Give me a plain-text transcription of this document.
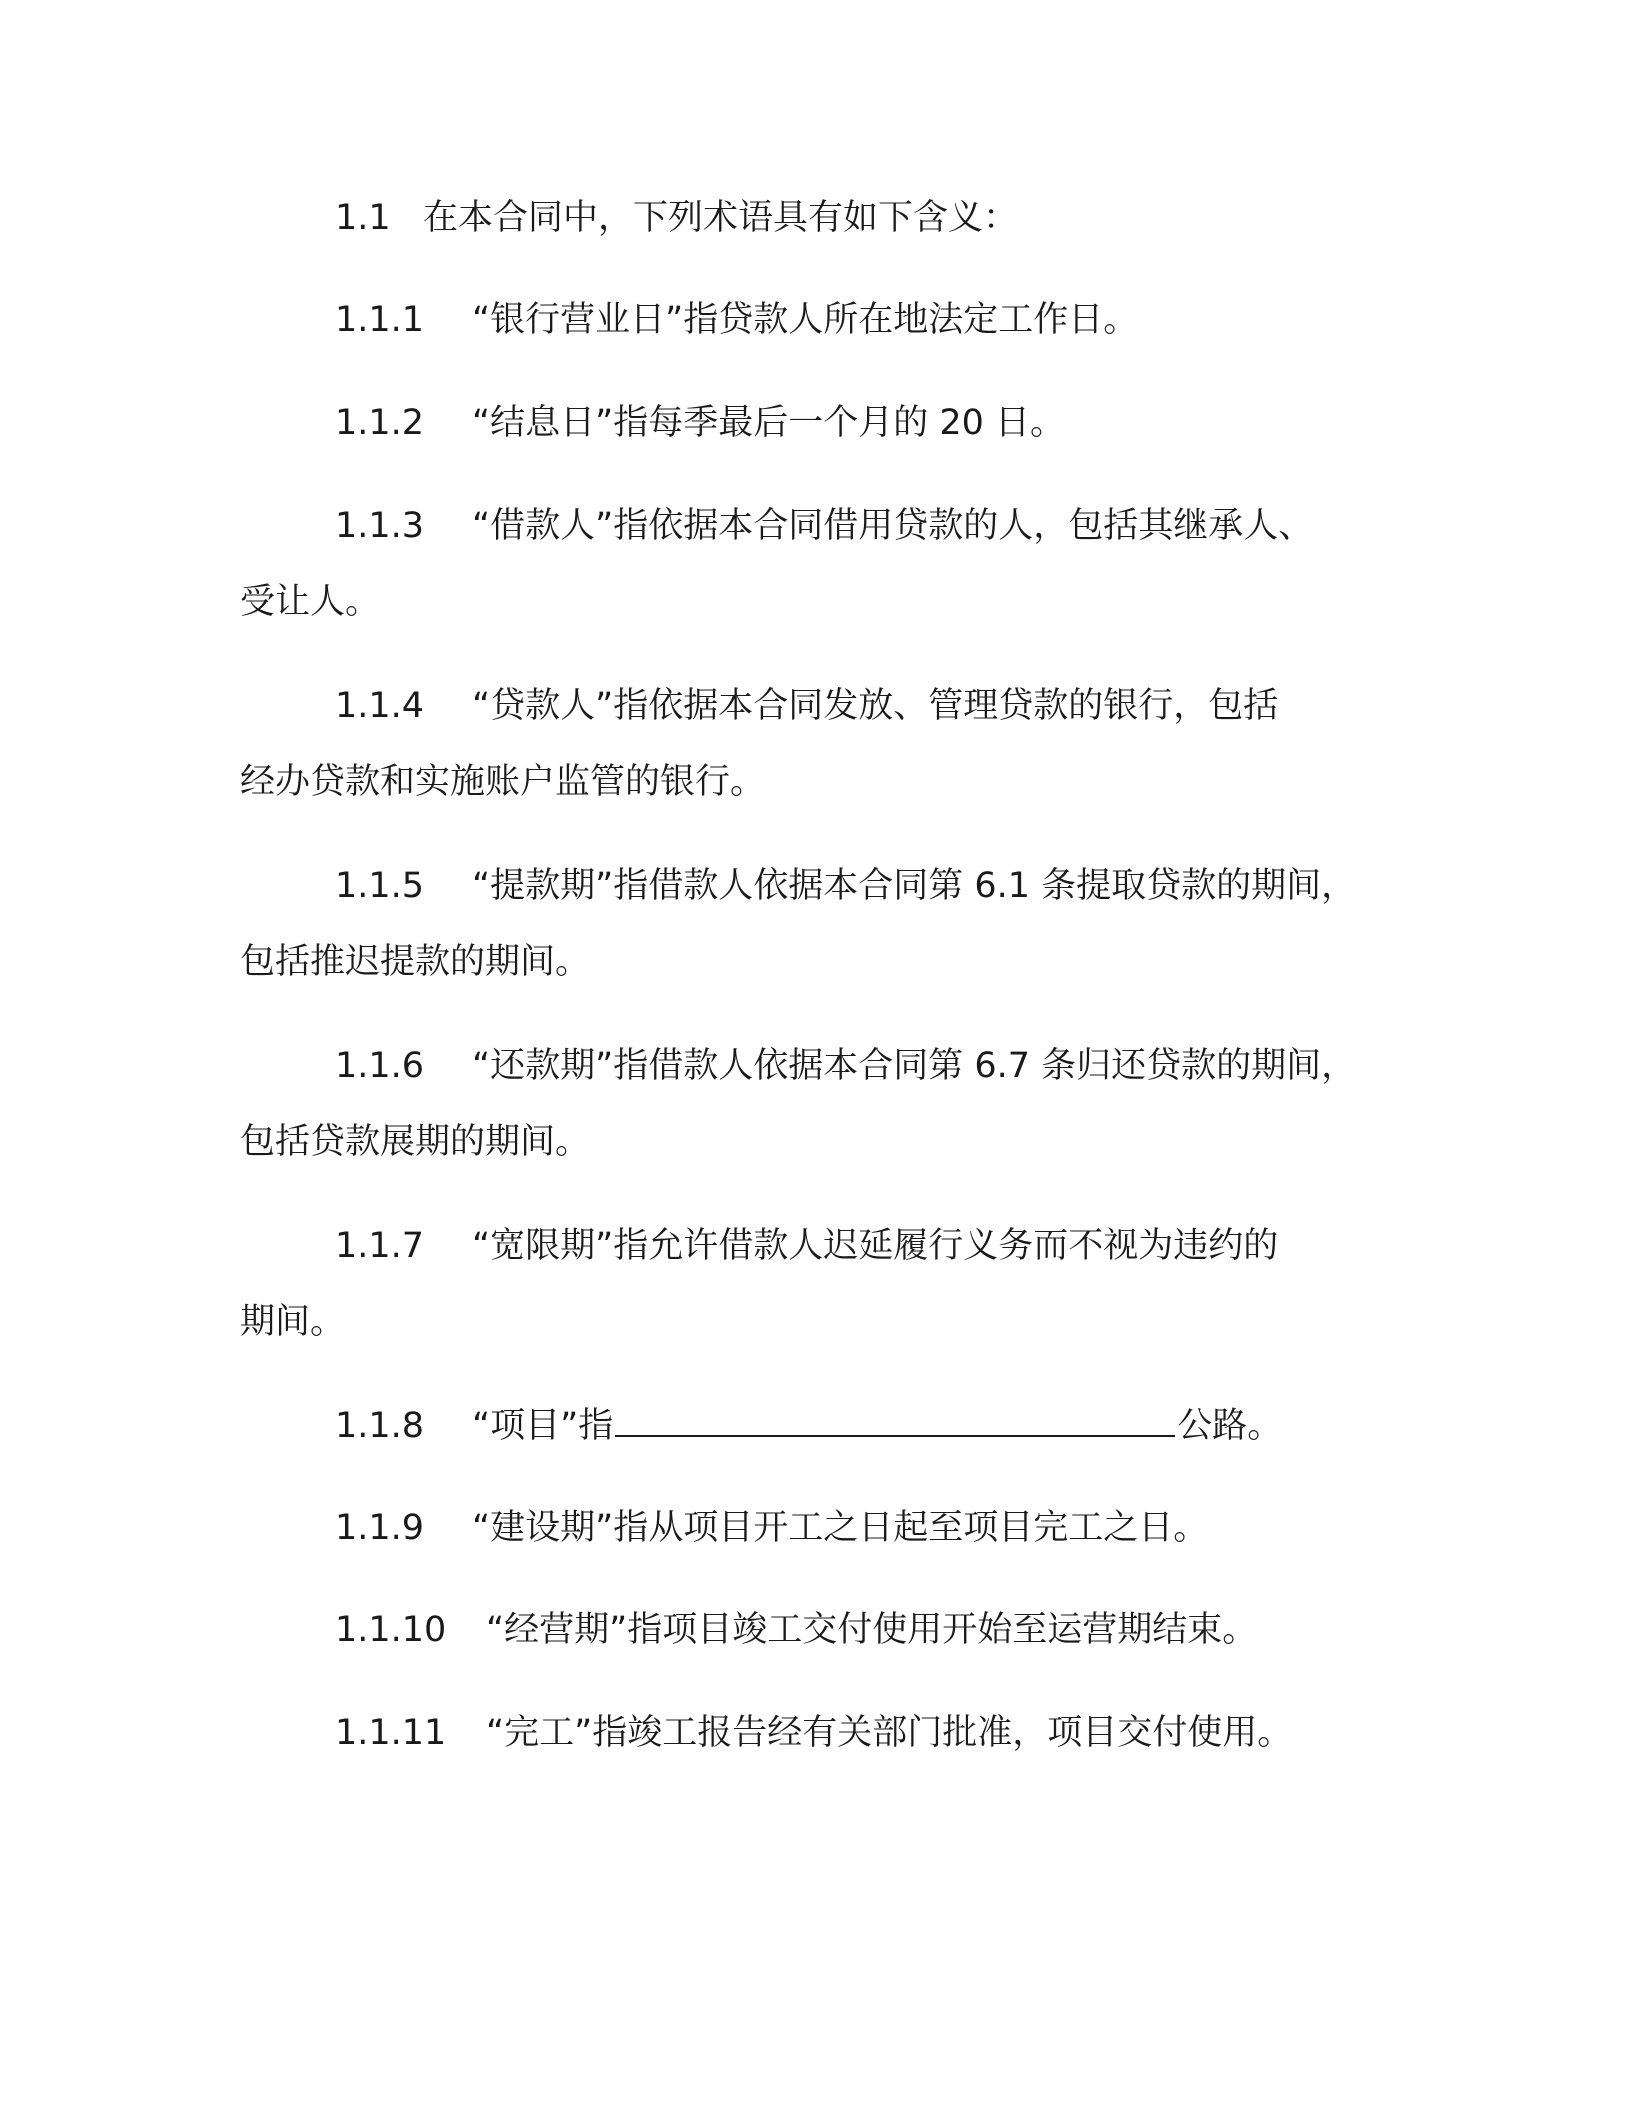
1.1 在本合同中，下列术语具有如下含义：
1.1.1 “银行营业日”指贷款人所在地法定工作日。
1.1.2 “结息日”指每季最后一个月的 20 日。
1.1.3 “借款人”指依据本合同借用贷款的人，包括其继承人、
受让人。
1.1.4 “贷款人”指依据本合同发放、管理贷款的银行，包括
经办贷款和实施账户监管的银行。
1.1.5 “提款期”指借款人依据本合同第 6.1 条提取贷款的期间，
包括推迟提款的期间。
1.1.6 “还款期”指借款人依据本合同第 6.7 条归还贷款的期间，
包括贷款展期的期间。
1.1.7 “宽限期”指允许借款人迟延履行义务而不视为违约的
期间。
1.1.8 “项目”指	公路。
1.1.9 “建设期”指从项目开工之日起至项目完工之日。
1.1.10 “经营期”指项目竣工交付使用开始至运营期结束。
1.1.11 “完工”指竣工报告经有关部门批准，项目交付使用。
